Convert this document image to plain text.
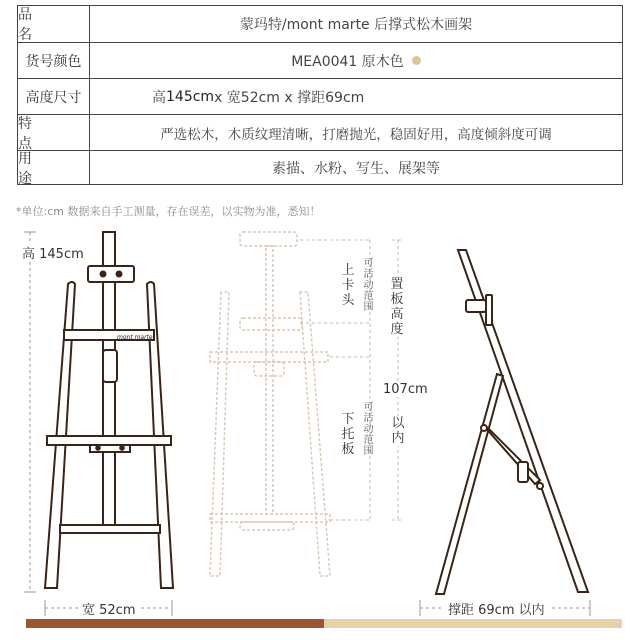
品　名
蒙玛特/mont marte 后撑式松木画架
货号颜色	MEA0041 原木色
高度尺寸	高 145cm x 宽52cm x 撑距69cm
特　点
严选松木，木质纹理清晰，打磨抛光，稳固好用，高度倾斜度可调
用　途
素描、水粉、写生、展架等
*单位:cm 数据来自手工测量，存在误差，以实物为准，悉知！
高 145cm
宽 52cm
mont marte
上卡头
可活动范围
置板高度
107cm
以内
下托板
可活动范围
撑距 69cm 以内
